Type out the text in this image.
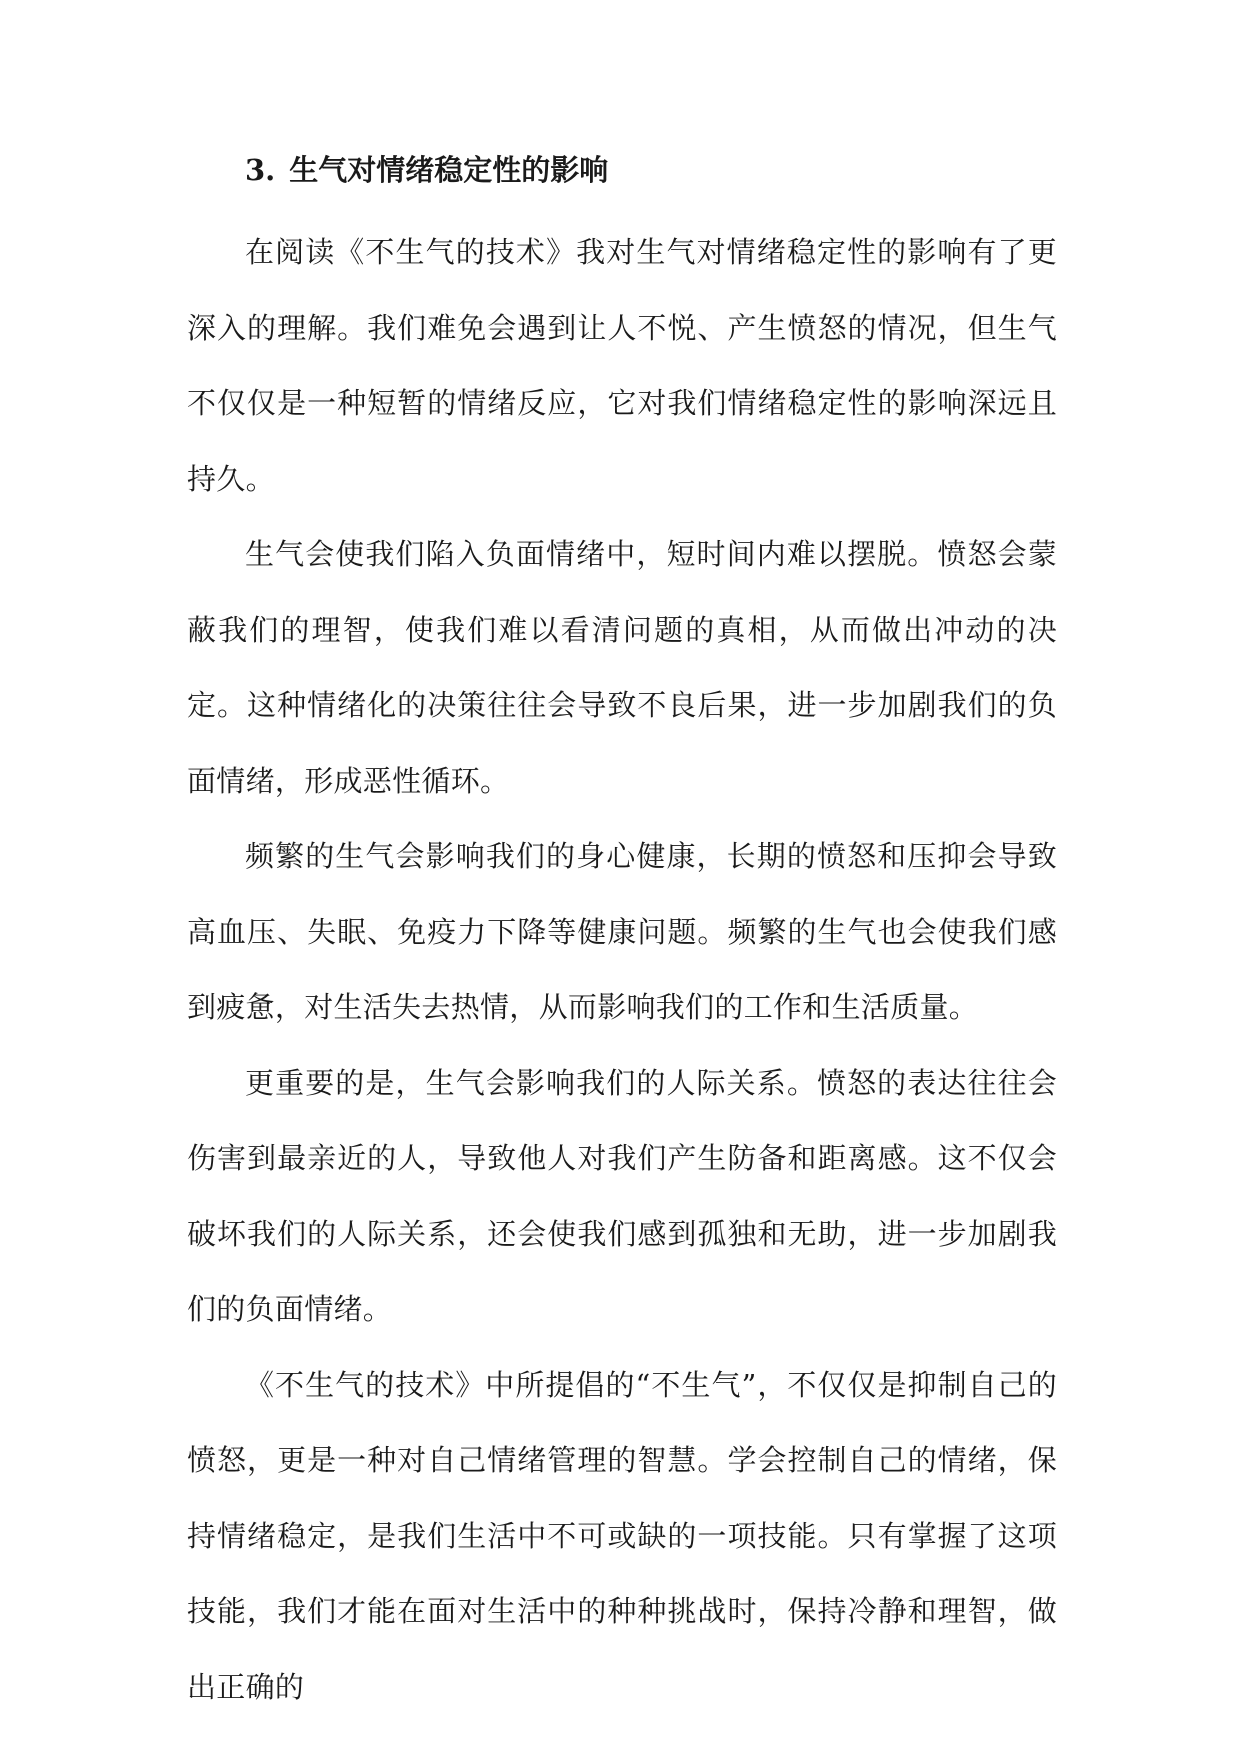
3. 生气对情绪稳定性的影响

在阅读《不生气的技术》我对生气对情绪稳定性的影响有了更深入的理解。我们难免会遇到让人不悦、产生愤怒的情况，但生气不仅仅是一种短暂的情绪反应，它对我们情绪稳定性的影响深远且持久。

生气会使我们陷入负面情绪中，短时间内难以摆脱。愤怒会蒙蔽我们的理智，使我们难以看清问题的真相，从而做出冲动的决定。这种情绪化的决策往往会导致不良后果，进一步加剧我们的负面情绪，形成恶性循环。

频繁的生气会影响我们的身心健康，长期的愤怒和压抑会导致高血压、失眠、免疫力下降等健康问题。频繁的生气也会使我们感到疲惫，对生活失去热情，从而影响我们的工作和生活质量。

更重要的是，生气会影响我们的人际关系。愤怒的表达往往会伤害到最亲近的人，导致他人对我们产生防备和距离感。这不仅会破坏我们的人际关系，还会使我们感到孤独和无助，进一步加剧我们的负面情绪。

《不生气的技术》中所提倡的“不生气”，不仅仅是抑制自己的愤怒，更是一种对自己情绪管理的智慧。学会控制自己的情绪，保持情绪稳定，是我们生活中不可或缺的一项技能。只有掌握了这项技能，我们才能在面对生活中的种种挑战时，保持冷静和理智，做出正确的
